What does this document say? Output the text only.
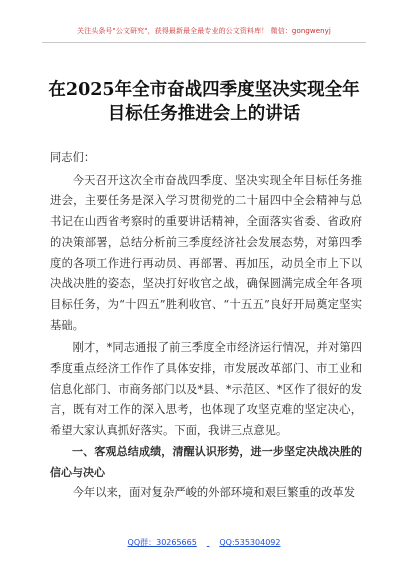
关注头条号"公文研究"，获得最新最全最专业的公文资料库！ 微信：gongwenyj
在2025年全市奋战四季度坚决实现全年
目标任务推进会上的讲话

同志们：

今天召开这次全市奋战四季度、坚决实现全年目标任务推进会，主要任务是深入学习贯彻党的二十届四中全会精神与总书记在山西省考察时的重要讲话精神，全面落实省委、省政府的决策部署，总结分析前三季度经济社会发展态势，对第四季度的各项工作进行再动员、再部署、再加压，动员全市上下以决战决胜的姿态，坚决打好收官之战，确保圆满完成全年各项目标任务，为“十四五”胜利收官、“十五五”良好开局奠定坚实基础。

刚才，*同志通报了前三季度全市经济运行情况，并对第四季度重点经济工作作了具体安排，市发展改革部门、市工业和信息化部门、市商务部门以及*县、*示范区、*区作了很好的发言，既有对工作的深入思考，也体现了攻坚克难的坚定决心，希望大家认真抓好落实。下面，我讲三点意见。

一、客观总结成绩，清醒认识形势，进一步坚定决战决胜的信心与决心

今年以来，面对复杂严峻的外部环境和艰巨繁重的改革发

QQ群：30265665	QQ:535304092
